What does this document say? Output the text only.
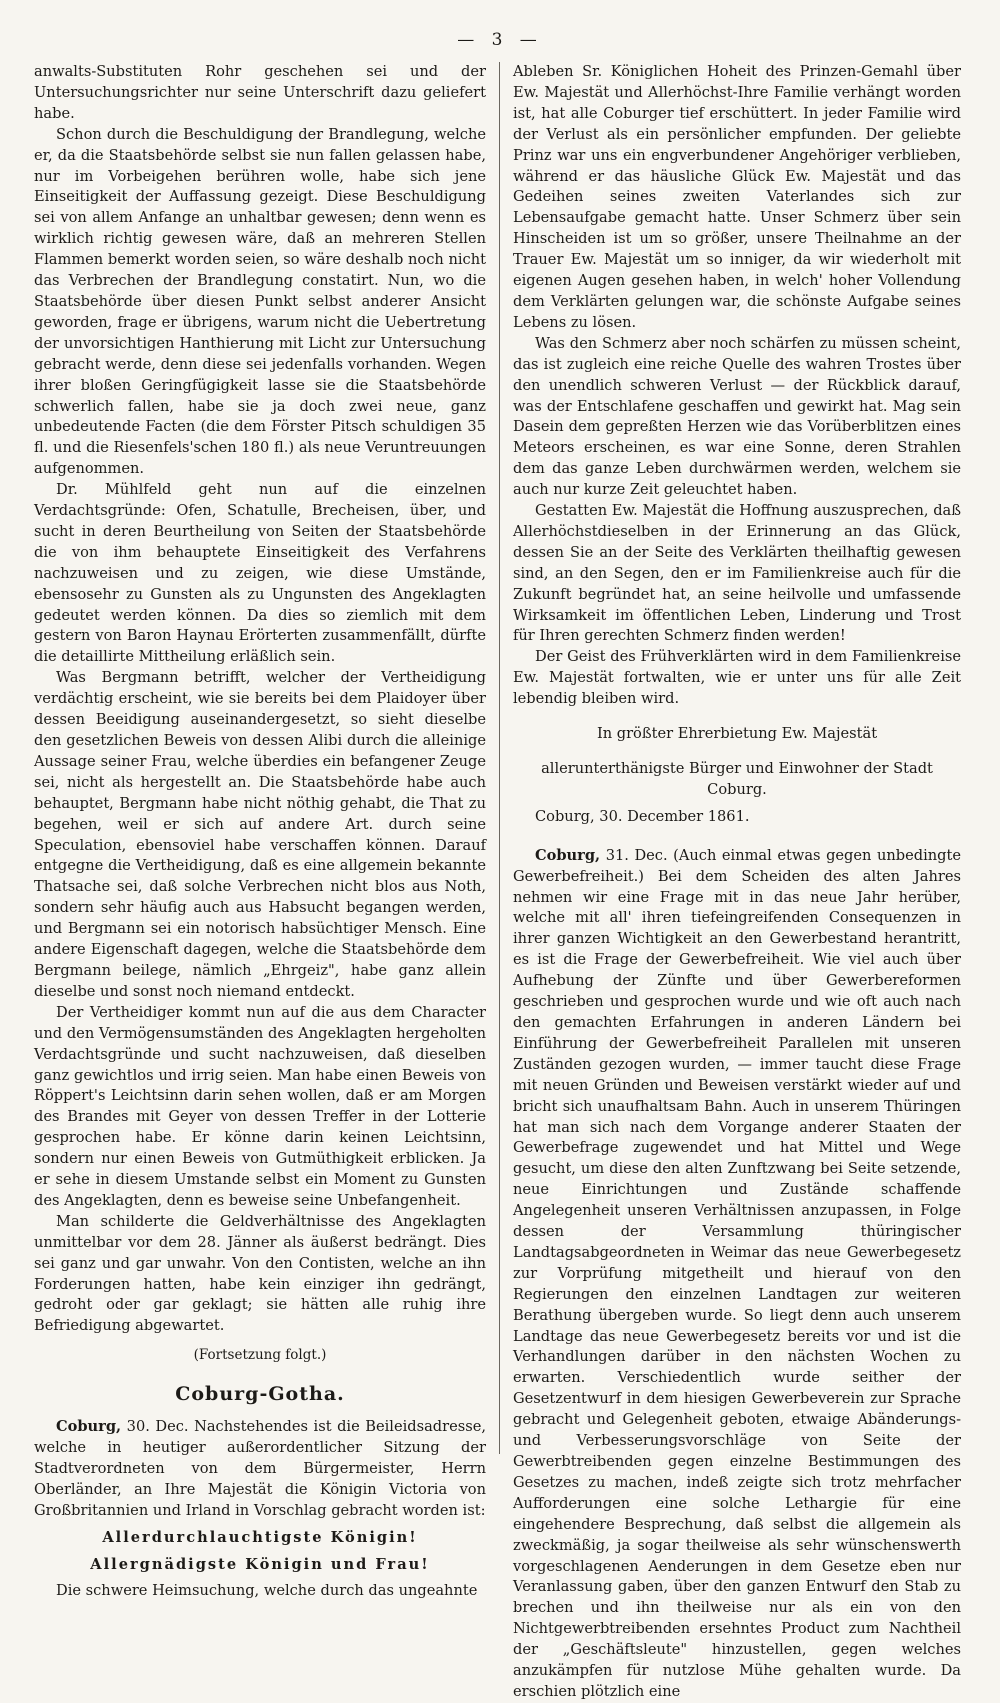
— 3 —

anwalts-Substituten Rohr geschehen sei und der Untersuchungsrichter nur seine Unterschrift dazu geliefert habe.

Schon durch die Beschuldigung der Brandlegung, welche er, da die Staatsbehörde selbst sie nun fallen gelassen habe, nur im Vorbeigehen berühren wolle, habe sich jene Einseitigkeit der Auffassung gezeigt. Diese Beschuldigung sei von allem Anfange an unhaltbar gewesen; denn wenn es wirklich richtig gewesen wäre, daß an mehreren Stellen Flammen bemerkt worden seien, so wäre deshalb noch nicht das Verbrechen der Brandlegung constatirt. Nun, wo die Staatsbehörde über diesen Punkt selbst anderer Ansicht geworden, frage er übrigens, warum nicht die Uebertretung der unvorsichtigen Hanthierung mit Licht zur Untersuchung gebracht werde, denn diese sei jedenfalls vorhanden. Wegen ihrer bloßen Geringfügigkeit lasse sie die Staatsbehörde schwerlich fallen, habe sie ja doch zwei neue, ganz unbedeutende Facten (die dem Förster Pitsch schuldigen 35 fl. und die Riesenfels'schen 180 fl.) als neue Veruntreuungen aufgenommen.

Dr. Mühlfeld geht nun auf die einzelnen Verdachtsgründe: Ofen, Schatulle, Brecheisen, über, und sucht in deren Beurtheilung von Seiten der Staatsbehörde die von ihm behauptete Einseitigkeit des Verfahrens nachzuweisen und zu zeigen, wie diese Umstände, ebensosehr zu Gunsten als zu Ungunsten des Angeklagten gedeutet werden können. Da dies so ziemlich mit dem gestern von Baron Haynau Erörterten zusammenfällt, dürfte die detaillirte Mittheilung erläßlich sein.

Was Bergmann betrifft, welcher der Vertheidigung verdächtig erscheint, wie sie bereits bei dem Plaidoyer über dessen Beeidigung auseinandergesetzt, so sieht dieselbe den gesetzlichen Beweis von dessen Alibi durch die alleinige Aussage seiner Frau, welche überdies ein befangener Zeuge sei, nicht als hergestellt an. Die Staatsbehörde habe auch behauptet, Bergmann habe nicht nöthig gehabt, die That zu begehen, weil er sich auf andere Art. durch seine Speculation, ebensoviel habe verschaffen können. Darauf entgegne die Vertheidigung, daß es eine allgemein bekannte Thatsache sei, daß solche Verbrechen nicht blos aus Noth, sondern sehr häufig auch aus Habsucht begangen werden, und Bergmann sei ein notorisch habsüchtiger Mensch. Eine andere Eigenschaft dagegen, welche die Staatsbehörde dem Bergmann beilege, nämlich „Ehrgeiz", habe ganz allein dieselbe und sonst noch niemand entdeckt.

Der Vertheidiger kommt nun auf die aus dem Character und den Vermögensumständen des Angeklagten hergeholten Verdachtsgründe und sucht nachzuweisen, daß dieselben ganz gewichtlos und irrig seien. Man habe einen Beweis von Röppert's Leichtsinn darin sehen wollen, daß er am Morgen des Brandes mit Geyer von dessen Treffer in der Lotterie gesprochen habe. Er könne darin keinen Leichtsinn, sondern nur einen Beweis von Gutmüthigkeit erblicken. Ja er sehe in diesem Umstande selbst ein Moment zu Gunsten des Angeklagten, denn es beweise seine Unbefangenheit.

Man schilderte die Geldverhältnisse des Angeklagten unmittelbar vor dem 28. Jänner als äußerst bedrängt. Dies sei ganz und gar unwahr. Von den Contisten, welche an ihn Forderungen hatten, habe kein einziger ihn gedrängt, gedroht oder gar geklagt; sie hätten alle ruhig ihre Befriedigung abgewartet.

(Fortsetzung folgt.)

Coburg-Gotha.

Coburg, 30. Dec. Nachstehendes ist die Beileidsadresse, welche in heutiger außerordentlicher Sitzung der Stadtverordneten von dem Bürgermeister, Herrn Oberländer, an Ihre Majestät die Königin Victoria von Großbritannien und Irland in Vorschlag gebracht worden ist:

Allerdurchlauchtigste Königin!

Allergnädigste Königin und Frau!

Die schwere Heimsuchung, welche durch das ungeahnte

Ableben Sr. Königlichen Hoheit des Prinzen-Gemahl über Ew. Majestät und Allerhöchst-Ihre Familie verhängt worden ist, hat alle Coburger tief erschüttert. In jeder Familie wird der Verlust als ein persönlicher empfunden. Der geliebte Prinz war uns ein engverbundener Angehöriger verblieben, während er das häusliche Glück Ew. Majestät und das Gedeihen seines zweiten Vaterlandes sich zur Lebensaufgabe gemacht hatte. Unser Schmerz über sein Hinscheiden ist um so größer, unsere Theilnahme an der Trauer Ew. Majestät um so inniger, da wir wiederholt mit eigenen Augen gesehen haben, in welch' hoher Vollendung dem Verklärten gelungen war, die schönste Aufgabe seines Lebens zu lösen.

Was den Schmerz aber noch schärfen zu müssen scheint, das ist zugleich eine reiche Quelle des wahren Trostes über den unendlich schweren Verlust — der Rückblick darauf, was der Entschlafene geschaffen und gewirkt hat. Mag sein Dasein dem gepreßten Herzen wie das Vorüberblitzen eines Meteors erscheinen, es war eine Sonne, deren Strahlen dem das ganze Leben durchwärmen werden, welchem sie auch nur kurze Zeit geleuchtet haben.

Gestatten Ew. Majestät die Hoffnung auszusprechen, daß Allerhöchstdieselben in der Erinnerung an das Glück, dessen Sie an der Seite des Verklärten theilhaftig gewesen sind, an den Segen, den er im Familienkreise auch für die Zukunft begründet hat, an seine heilvolle und umfassende Wirksamkeit im öffentlichen Leben, Linderung und Trost für Ihren gerechten Schmerz finden werden!

Der Geist des Frühverklärten wird in dem Familienkreise Ew. Majestät fortwalten, wie er unter uns für alle Zeit lebendig bleiben wird.

In größter Ehrerbietung Ew. Majestät

allerunterthänigste Bürger und Einwohner der Stadt Coburg.

Coburg, 30. December 1861.

Coburg, 31. Dec. (Auch einmal etwas gegen unbedingte Gewerbefreiheit.) Bei dem Scheiden des alten Jahres nehmen wir eine Frage mit in das neue Jahr herüber, welche mit all' ihren tiefeingreifenden Consequenzen in ihrer ganzen Wichtigkeit an den Gewerbestand herantritt, es ist die Frage der Gewerbefreiheit. Wie viel auch über Aufhebung der Zünfte und über Gewerbereformen geschrieben und gesprochen wurde und wie oft auch nach den gemachten Erfahrungen in anderen Ländern bei Einführung der Gewerbefreiheit Parallelen mit unseren Zuständen gezogen wurden, — immer taucht diese Frage mit neuen Gründen und Beweisen verstärkt wieder auf und bricht sich unaufhaltsam Bahn. Auch in unserem Thüringen hat man sich nach dem Vorgange anderer Staaten der Gewerbefrage zugewendet und hat Mittel und Wege gesucht, um diese den alten Zunftzwang bei Seite setzende, neue Einrichtungen und Zustände schaffende Angelegenheit unseren Verhältnissen anzupassen, in Folge dessen der Versammlung thüringischer Landtagsabgeordneten in Weimar das neue Gewerbegesetz zur Vorprüfung mitgetheilt und hierauf von den Regierungen den einzelnen Landtagen zur weiteren Berathung übergeben wurde. So liegt denn auch unserem Landtage das neue Gewerbegesetz bereits vor und ist die Verhandlungen darüber in den nächsten Wochen zu erwarten. Verschiedentlich wurde seither der Gesetzentwurf in dem hiesigen Gewerbeverein zur Sprache gebracht und Gelegenheit geboten, etwaige Abänderungs- und Verbesserungsvorschläge von Seite der Gewerbtreibenden gegen einzelne Bestimmungen des Gesetzes zu machen, indeß zeigte sich trotz mehrfacher Aufforderungen eine solche Lethargie für eine eingehendere Besprechung, daß selbst die allgemein als zweckmäßig, ja sogar theilweise als sehr wünschenswerth vorgeschlagenen Aenderungen in dem Gesetze eben nur Veranlassung gaben, über den ganzen Entwurf den Stab zu brechen und ihn theilweise nur als ein von den Nichtgewerbtreibenden ersehntes Product zum Nachtheil der „Geschäftsleute" hinzustellen, gegen welches anzukämpfen für nutzlose Mühe gehalten wurde. Da erschien plötzlich eine
